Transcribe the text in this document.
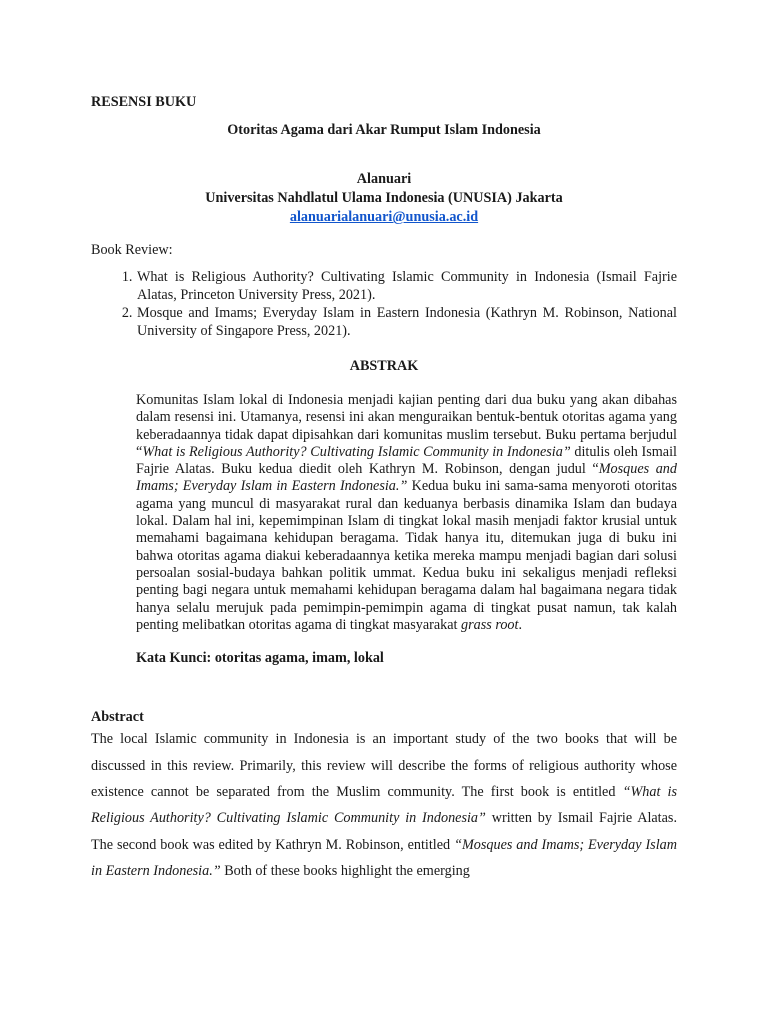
RESENSI BUKU
Otoritas Agama dari Akar Rumput Islam Indonesia
Alanuari
Universitas Nahdlatul Ulama Indonesia (UNUSIA) Jakarta
alanuarialanuari@unusia.ac.id
Book Review:
1. What is Religious Authority? Cultivating Islamic Community in Indonesia (Ismail Fajrie Alatas, Princeton University Press, 2021).
2. Mosque and Imams; Everyday Islam in Eastern Indonesia (Kathryn M. Robinson, National University of Singapore Press, 2021).
ABSTRAK
Komunitas Islam lokal di Indonesia menjadi kajian penting dari dua buku yang akan dibahas dalam resensi ini. Utamanya, resensi ini akan menguraikan bentuk-bentuk otoritas agama yang keberadaannya tidak dapat dipisahkan dari komunitas muslim tersebut. Buku pertama berjudul “What is Religious Authority? Cultivating Islamic Community in Indonesia” ditulis oleh Ismail Fajrie Alatas. Buku kedua diedit oleh Kathryn M. Robinson, dengan judul “Mosques and Imams; Everyday Islam in Eastern Indonesia.” Kedua buku ini sama-sama menyoroti otoritas agama yang muncul di masyarakat rural dan keduanya berbasis dinamika Islam dan budaya lokal. Dalam hal ini, kepemimpinan Islam di tingkat lokal masih menjadi faktor krusial untuk memahami bagaimana kehidupan beragama. Tidak hanya itu, ditemukan juga di buku ini bahwa otoritas agama diakui keberadaannya ketika mereka mampu menjadi bagian dari solusi persoalan sosial-budaya bahkan politik ummat. Kedua buku ini sekaligus menjadi refleksi penting bagi negara untuk memahami kehidupan beragama dalam hal bagaimana negara tidak hanya selalu merujuk pada pemimpin-pemimpin agama di tingkat pusat namun, tak kalah penting melibatkan otoritas agama di tingkat masyarakat grass root.
Kata Kunci: otoritas agama, imam, lokal
Abstract
The local Islamic community in Indonesia is an important study of the two books that will be discussed in this review. Primarily, this review will describe the forms of religious authority whose existence cannot be separated from the Muslim community. The first book is entitled “What is Religious Authority? Cultivating Islamic Community in Indonesia” written by Ismail Fajrie Alatas. The second book was edited by Kathryn M. Robinson, entitled “Mosques and Imams; Everyday Islam in Eastern Indonesia.” Both of these books highlight the emerging
